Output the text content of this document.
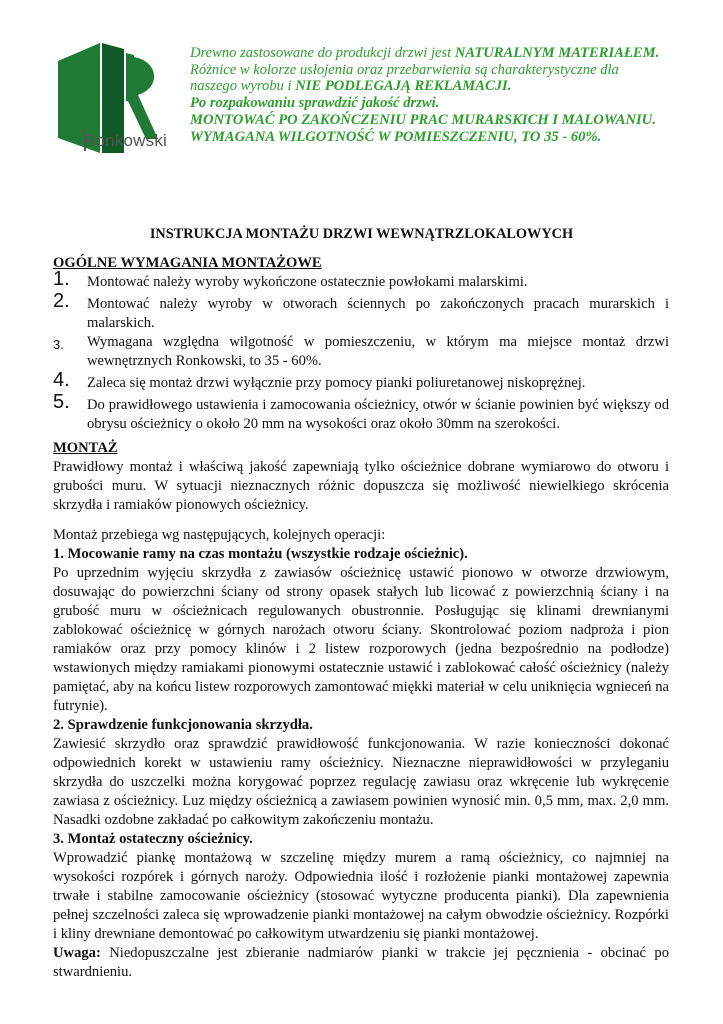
Ronkowski

Drewno zastosowane do produkcji drzwi jest NATURALNYM MATERIAŁEM.

Różnice w kolorze usłojenia oraz przebarwienia są charakterystyczne dla naszego wyrobu i NIE PODLEGAJĄ REKLAMACJI.

Po rozpakowaniu sprawdzić jakość drzwi.

MONTOWAĆ PO ZAKOŃCZENIU PRAC MURARSKICH I MALOWANIU.

WYMAGANA WILGOTNOŚĆ W POMIESZCZENIU, TO 35 - 60%.

INSTRUKCJA MONTAŻU DRZWI WEWNĄTRZLOKALOWYCH

OGÓLNE WYMAGANIA MONTAŻOWE

1. Montować należy wyroby wykończone ostatecznie powłokami malarskimi.
2. Montować należy wyroby w otworach ściennych po zakończonych pracach murarskich i malarskich.
3. Wymagana względna wilgotność w pomieszczeniu, w którym ma miejsce montaż drzwi wewnętrznych Ronkowski, to 35 - 60%.
4. Zaleca się montaż drzwi wyłącznie przy pomocy pianki poliuretanowej niskoprężnej.
5. Do prawidłowego ustawienia i zamocowania ościeżnicy, otwór w ścianie powinien być większy od obrysu ościeżnicy o około 20 mm na wysokości oraz około 30mm na szerokości.

MONTAŻ

Prawidłowy montaż i właściwą jakość zapewniają tylko ościeżnice dobrane wymiarowo do otworu i grubości muru. W sytuacji nieznacznych różnic dopuszcza się możliwość niewielkiego skrócenia skrzydła i ramiaków pionowych ościeżnicy.

Montaż przebiega wg następujących, kolejnych operacji:

1. Mocowanie ramy na czas montażu (wszystkie rodzaje ościeżnic).

Po uprzednim wyjęciu skrzydła z zawiasów ościeżnicę ustawić pionowo w otworze drzwiowym, dosuwając do powierzchni ściany od strony opasek stałych lub licować z powierzchnią ściany i na grubość muru w ościeżnicach regulowanych obustronnie. Posługując się klinami drewnianymi zablokować ościeżnicę w górnych narożach otworu ściany. Skontrolować poziom nadproża i pion ramiaków oraz przy pomocy klinów i 2 listew rozporowych (jedna bezpośrednio na podłodze) wstawionych między ramiakami pionowymi ostatecznie ustawić i zablokować całość ościeżnicy (należy pamiętać, aby na końcu listew rozporowych zamontować miękki materiał w celu uniknięcia wgnieceń na futrynie).

2. Sprawdzenie funkcjonowania skrzydła.

Zawiesić skrzydło oraz sprawdzić prawidłowość funkcjonowania. W razie konieczności dokonać odpowiednich korekt w ustawieniu ramy ościeżnicy. Nieznaczne nieprawidłowości w przyleganiu skrzydła do uszczelki można korygować poprzez regulację zawiasu oraz wkręcenie lub wykręcenie zawiasa z ościeżnicy. Luz między ościeżnicą a zawiasem powinien wynosić min. 0,5 mm, max. 2,0 mm. Nasadki ozdobne zakładać po całkowitym zakończeniu montażu.

3. Montaż ostateczny ościeżnicy.

Wprowadzić piankę montażową w szczelinę między murem a ramą ościeżnicy, co najmniej na wysokości rozpórek i górnych naroży. Odpowiednia ilość i rozłożenie pianki montażowej zapewnia trwałe i stabilne zamocowanie ościeżnicy (stosować wytyczne producenta pianki). Dla zapewnienia pełnej szczelności zaleca się wprowadzenie pianki montażowej na całym obwodzie ościeżnicy. Rozpórki i kliny drewniane demontować po całkowitym utwardzeniu się pianki montażowej.

Uwaga: Niedopuszczalne jest zbieranie nadmiarów pianki w trakcie jej pęcznienia - obcinać po stwardnieniu.
